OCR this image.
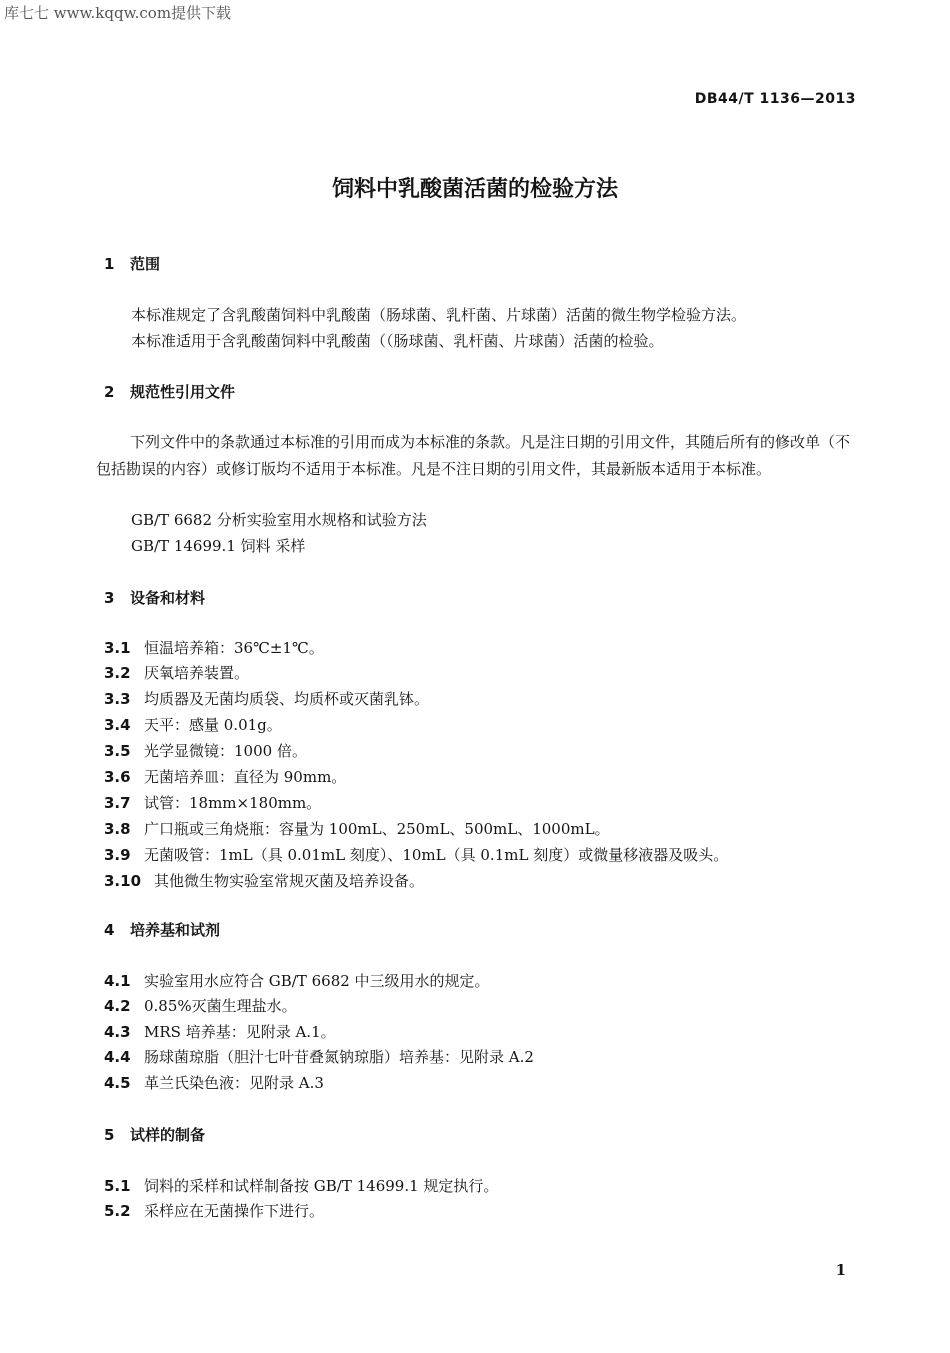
库七七 www.kqqw.com提供下载
DB44/T 1136—2013
饲料中乳酸菌活菌的检验方法
1 范围
本标准规定了含乳酸菌饲料中乳酸菌（肠球菌、乳杆菌、片球菌）活菌的微生物学检验方法。
本标准适用于含乳酸菌饲料中乳酸菌（（肠球菌、乳杆菌、片球菌）活菌的检验。
2 规范性引用文件
下列文件中的条款通过本标准的引用而成为本标准的条款。凡是注日期的引用文件，其随后所有的修改单（不包括勘误的内容）或修订版均不适用于本标准。凡是不注日期的引用文件，其最新版本适用于本标准。
GB/T 6682 分析实验室用水规格和试验方法
GB/T 14699.1 饲料 采样
3 设备和材料
3.1 恒温培养箱：36℃±1℃。
3.2 厌氧培养装置。
3.3 均质器及无菌均质袋、均质杯或灭菌乳钵。
3.4 天平：感量 0.01g。
3.5 光学显微镜：1000 倍。
3.6 无菌培养皿：直径为 90mm。
3.7 试管：18mm×180mm。
3.8 广口瓶或三角烧瓶：容量为 100mL、250mL、500mL、1000mL。
3.9 无菌吸管：1mL（具 0.01mL 刻度）、10mL（具 0.1mL 刻度）或微量移液器及吸头。
3.10 其他微生物实验室常规灭菌及培养设备。
4 培养基和试剂
4.1 实验室用水应符合 GB/T 6682 中三级用水的规定。
4.2 0.85%灭菌生理盐水。
4.3 MRS 培养基：见附录 A.1。
4.4 肠球菌琼脂（胆汁七叶苷叠氮钠琼脂）培养基：见附录 A.2
4.5 革兰氏染色液：见附录 A.3
5 试样的制备
5.1 饲料的采样和试样制备按 GB/T 14699.1 规定执行。
5.2 采样应在无菌操作下进行。
1
